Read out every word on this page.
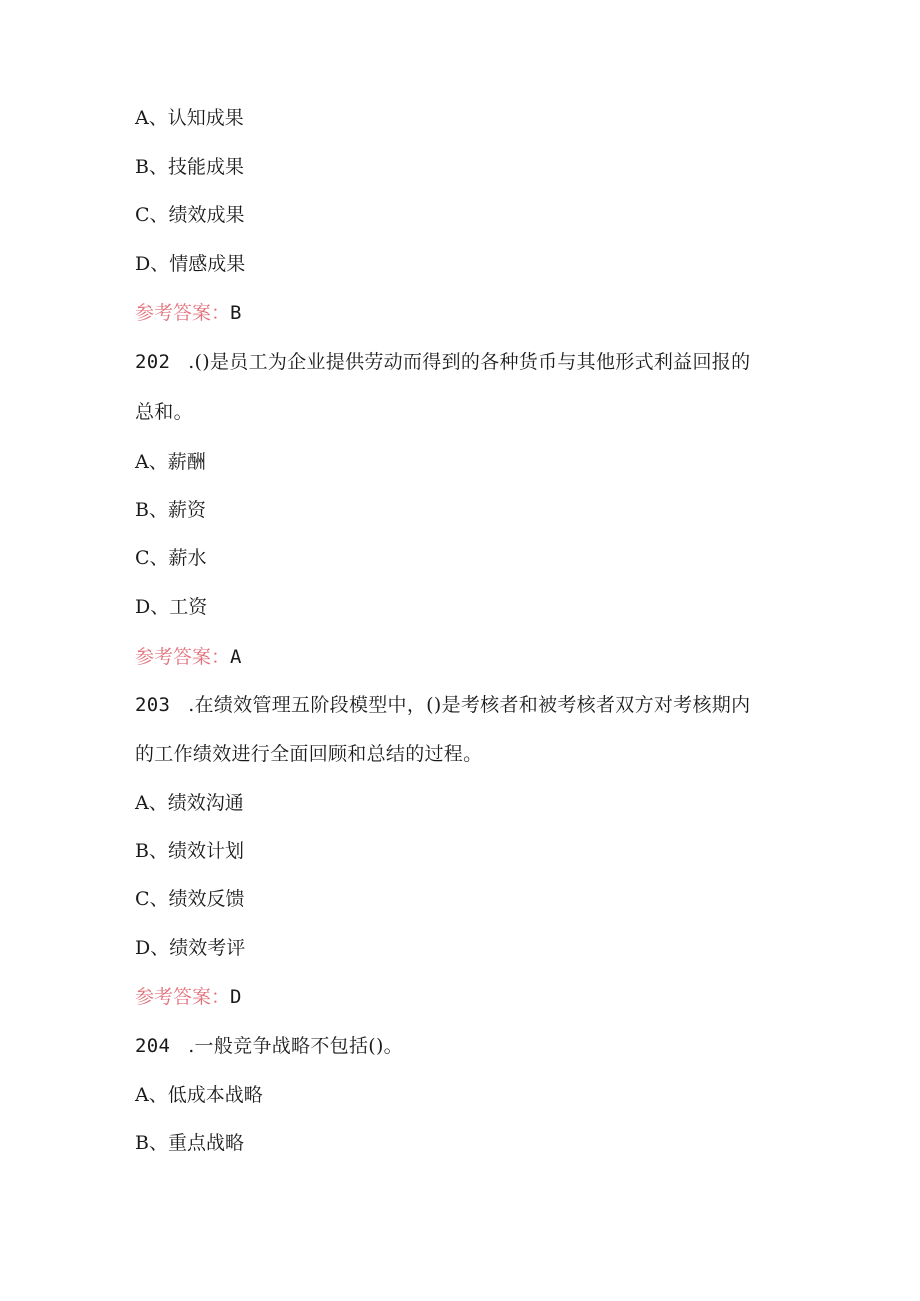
A、认知成果
B、技能成果
C、绩效成果
D、情感成果
参考答案：B
202 .()是员工为企业提供劳动而得到的各种货币与其他形式利益回报的
总和。
A、薪酬
B、薪资
C、薪水
D、工资
参考答案：A
203 .在绩效管理五阶段模型中，()是考核者和被考核者双方对考核期内
的工作绩效进行全面回顾和总结的过程。
A、绩效沟通
B、绩效计划
C、绩效反馈
D、绩效考评
参考答案：D
204 .一般竞争战略不包括()。
A、低成本战略
B、重点战略
